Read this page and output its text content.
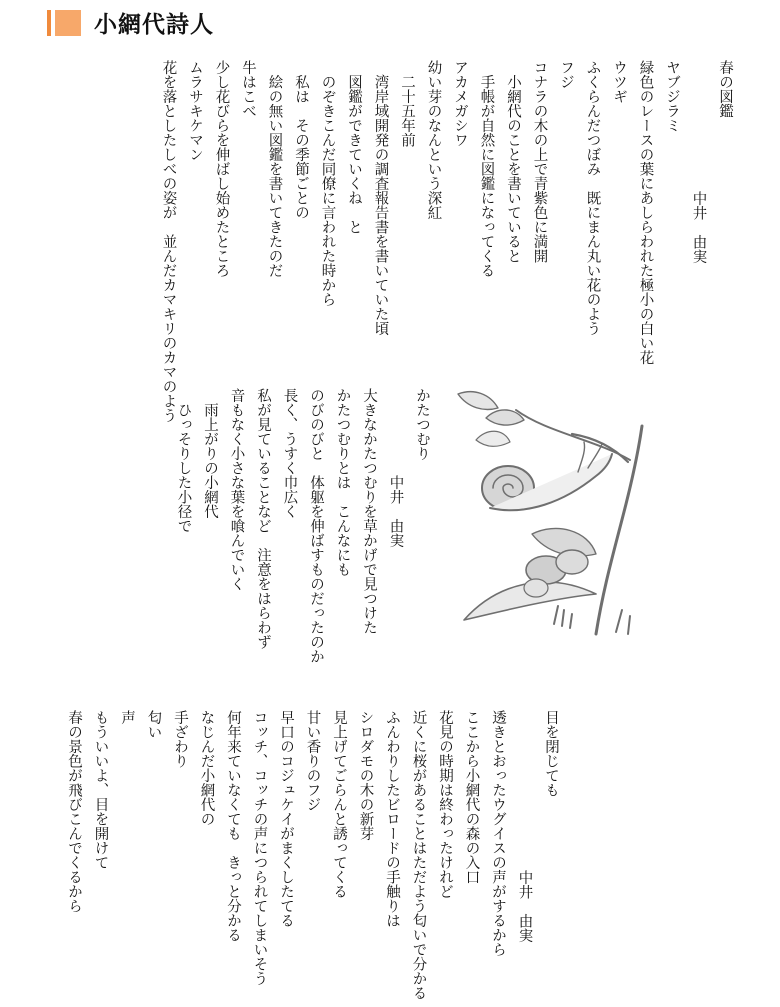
小網代詩人
春の図鑑
中井　由実
ヤブジラミ
緑色のレースの葉にあしらわれた極小の白い花
ウツギ
ふくらんだつぼみ　既にまん丸い花のよう
フジ
コナラの木の上で青紫色に満開
　小網代のことを書いていると
　手帳が自然に図鑑になってくる
アカメガシワ
幼い芽のなんという深紅
　二十五年前
　湾岸域開発の調査報告書を書いていた頃
　図鑑ができていくね　と
　のぞきこんだ同僚に言われた時から
　私は　その季節ごとの
　絵の無い図鑑を書いてきたのだ
牛はこべ
少し花びらを伸ばし始めたところ
ムラサキケマン
花を落としたしべの姿が　並んだカマキリのカマのよう
かたつむり
中井　由実
大きなかたつむりを草かげで見つけた
かたつむりとは　こんなにも
のびのびと　体躯を伸ばすものだったのか
長く、うすく巾広く
私が見ていることなど　注意をはらわず
音もなく小さな葉を喰んでいく
　雨上がりの小網代
　ひっそりした小径で
目を閉じても
中井　由実
透きとおったウグイスの声がするから
ここから小網代の森の入口
花見の時期は終わったけれど
近くに桜があることはただよう匂いで分かる
ふんわりしたビロードの手触りは
シロダモの木の新芽
見上げてごらんと誘ってくる
甘い香りのフジ
早口のコジュケイがまくしたてる
コッチ、コッチの声につられてしまいそう
何年来ていなくても　きっと分かる
なじんだ小網代の
手ざわり
匂い
声
もういいよ、目を開けて
春の景色が飛びこんでくるから
